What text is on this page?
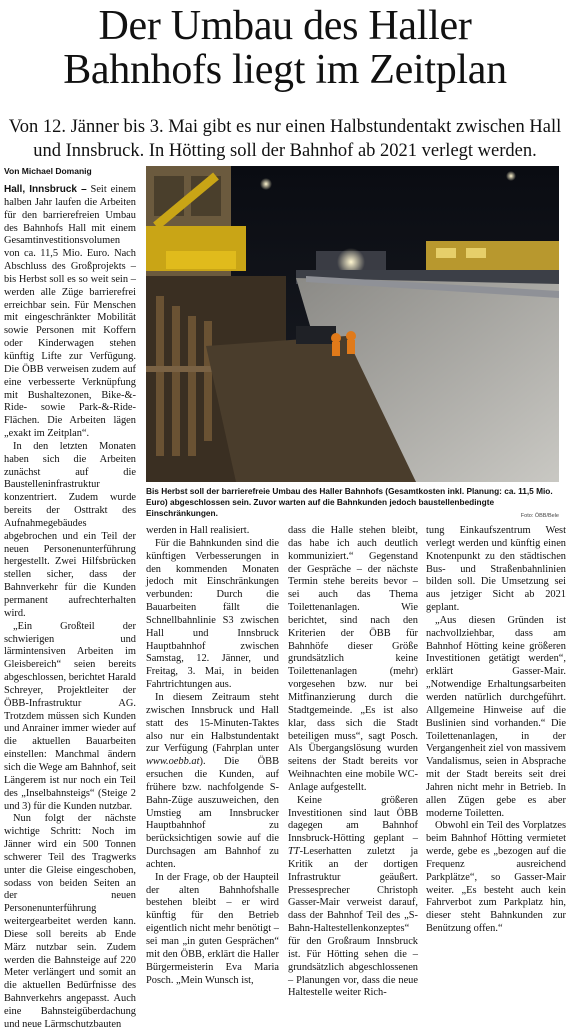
Der Umbau des Haller
Bahnhofs liegt im Zeitplan

Von 12. Jänner bis 3. Mai gibt es nur einen Halbstundentakt zwischen Hall und Innsbruck. In Hötting soll der Bahnhof ab 2021 verlegt werden.

Von Michael Domanig

Hall, Innsbruck – Seit einem halben Jahr laufen die Arbeiten für den barrierefreien Umbau des Bahnhofs Hall mit einem Gesamtinvestitionsvolumen von ca. 11,5 Mio. Euro. Nach Abschluss des Großprojekts – bis Herbst soll es so weit sein – werden alle Züge barrierefrei erreichbar sein. Für Menschen mit eingeschränkter Mobilität sowie Personen mit Koffern oder Kinderwagen stehen künftig Lifte zur Verfügung. Die ÖBB verweisen zudem auf eine verbesserte Verknüpfung mit Bushaltezonen, Bike-&-Ride- sowie Park-&-Ride-Flächen. Die Arbeiten lägen „exakt im Zeitplan“.

In den letzten Monaten haben sich die Arbeiten zunächst auf die Baustelleninfrastruktur konzentriert. Zudem wurde bereits der Osttrakt des Aufnahmegebäudes abgebrochen und ein Teil der neuen Personenunterführung hergestellt. Zwei Hilfsbrücken stellen sicher, dass der Bahnverkehr für die Kunden permanent aufrechterhalten wird.

„Ein Großteil der schwierigen und lärmintensiven Arbeiten im Gleisbereich“ seien bereits abgeschlossen, berichtet Harald Schreyer, Projektleiter der ÖBB-Infrastruktur AG. Trotzdem müssen sich Kunden und Anrainer immer wieder auf die aktuellen Bauarbeiten einstellen: Manchmal ändern sich die Wege am Bahnhof, seit Längerem ist nur noch ein Teil des „Inselbahnsteigs“ (Steige 2 und 3) für die Kunden nutzbar.

Nun folgt der nächste wichtige Schritt: Noch im Jänner wird ein 500 Tonnen schwerer Teil des Tragwerks unter die Gleise eingeschoben, sodass von beiden Seiten an der neuen Personenunterführung weitergearbeitet werden kann. Diese soll bereits ab Ende März nutzbar sein. Zudem werden die Bahnsteige auf 220 Meter verlängert und somit an die aktuellen Bedürfnisse des Bahnverkehrs angepasst. Auch eine Bahnsteigüberdachung und neue Lärmschutzbauten

Bis Herbst soll der barrierefreie Umbau des Haller Bahnhofs (Gesamtkosten inkl. Planung: ca. 11,5 Mio. Euro) abgeschlossen sein. Zuvor warten auf die Bahnkunden jedoch baustellenbedingte Einschränkungen.	Foto: ÖBB/Bele

werden in Hall realisiert.

Für die Bahnkunden sind die künftigen Verbesserungen in den kommenden Monaten jedoch mit Einschränkungen verbunden: Durch die Bauarbeiten fällt die Schnellbahnlinie S3 zwischen Hall und Innsbruck Hauptbahnhof zwischen Samstag, 12. Jänner, und Freitag, 3. Mai, in beiden Fahrtrichtungen aus.

In diesem Zeitraum steht zwischen Innsbruck und Hall statt des 15-Minuten-Taktes also nur ein Halbstundentakt zur Verfügung (Fahrplan unter www.oebb.at). Die ÖBB ersuchen die Kunden, auf frühere bzw. nachfolgende S-Bahn-Züge auszuweichen, den Umstieg am Innsbrucker Hauptbahnhof zu berücksichtigen sowie auf die Durchsagen am Bahnhof zu achten.

In der Frage, ob der Haupteil der alten Bahnhofshalle bestehen bleibt – er wird künftig für den Betrieb eigentlich nicht mehr benötigt – sei man „in guten Gesprächen“ mit den ÖBB, erklärt die Haller Bürgermeisterin Eva Maria Posch. „Mein Wunsch ist,

dass die Halle stehen bleibt, das habe ich auch deutlich kommuniziert.“ Gegenstand der Gespräche – der nächste Termin stehe bereits bevor – sei auch das Thema Toilettenanlagen. Wie berichtet, sind nach den Kriterien der ÖBB für Bahnhöfe dieser Größe grundsätzlich keine Toilettenanlagen (mehr) vorgesehen bzw. nur bei Mitfinanzierung durch die Stadtgemeinde. „Es ist also klar, dass sich die Stadt beteiligen muss“, sagt Posch. Als Übergangslösung wurden seitens der Stadt bereits vor Weihnachten eine mobile WC-Anlage aufgestellt.

Keine größeren Investitionen sind laut ÖBB dagegen am Bahnhof Innsbruck-Hötting geplant – TT-Leserhatten zuletzt ja Kritik an der dortigen Infrastruktur geäußert. Pressesprecher Christoph Gasser-Mair verweist darauf, dass der Bahnhof Teil des „S-Bahn-Haltestellenkonzeptes“ für den Großraum Innsbruck ist. Für Hötting sehen die – grundsätzlich abgeschlossenen – Planungen vor, dass die neue Haltestelle weiter Rich-

tung Einkaufszentrum West verlegt werden und künftig einen Knotenpunkt zu den städtischen Bus- und Straßenbahnlinien bilden soll. Die Umsetzung sei aus jetziger Sicht ab 2021 geplant.

„Aus diesen Gründen ist nachvollziehbar, dass am Bahnhof Hötting keine größeren Investitionen getätigt werden“, erklärt Gasser-Mair. „Notwendige Erhaltungsarbeiten werden natürlich durchgeführt. Allgemeine Hinweise auf die Buslinien sind vorhanden.“ Die Toilettenanlagen, in der Vergangenheit ziel von massivem Vandalismus, seien in Absprache mit der Stadt bereits seit drei Jahren nicht mehr in Betrieb. In allen Zügen gebe es aber moderne Toiletten.

Obwohl ein Teil des Vorplatzes beim Bahnhof Hötting vermietet werde, gebe es „bezogen auf die Frequenz ausreichend Parkplätze“, so Gasser-Mair weiter. „Es besteht auch kein Fahrverbot zum Parkplatz hin, dieser steht Bahnkunden zur Benützung offen.“
